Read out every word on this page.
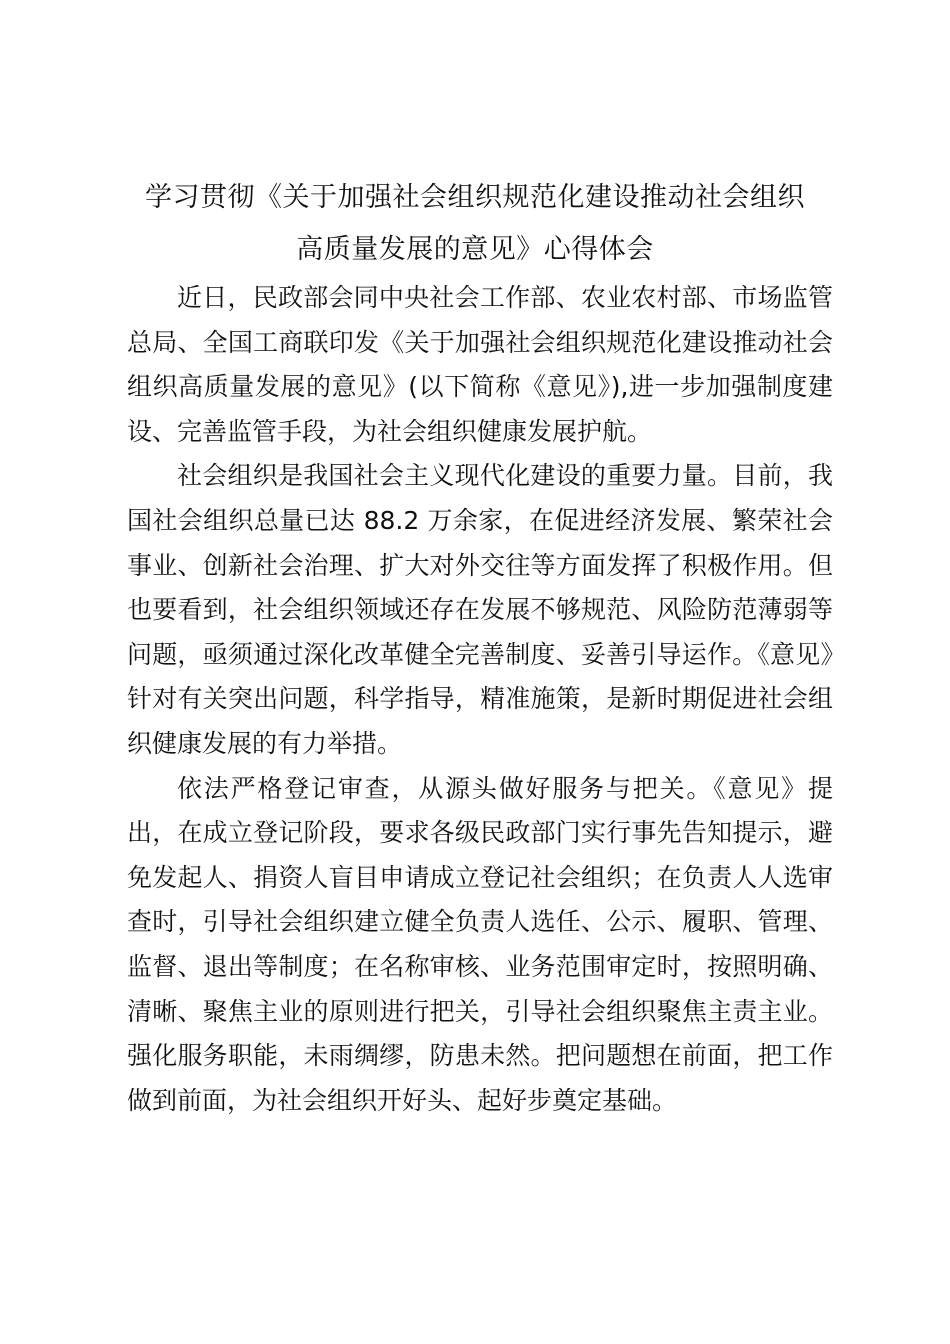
学习贯彻《关于加强社会组织规范化建设推动社会组织
高质量发展的意见》心得体会

近日，民政部会同中央社会工作部、农业农村部、市场监管总局、全国工商联印发《关于加强社会组织规范化建设推动社会组织高质量发展的意见》(以下简称《意见》),进一步加强制度建设、完善监管手段，为社会组织健康发展护航。

社会组织是我国社会主义现代化建设的重要力量。目前，我国社会组织总量已达 88.2 万余家，在促进经济发展、繁荣社会事业、创新社会治理、扩大对外交往等方面发挥了积极作用。但也要看到，社会组织领域还存在发展不够规范、风险防范薄弱等问题，亟须通过深化改革健全完善制度、妥善引导运作。《意见》针对有关突出问题，科学指导，精准施策，是新时期促进社会组织健康发展的有力举措。

依法严格登记审查，从源头做好服务与把关。《意见》提出，在成立登记阶段，要求各级民政部门实行事先告知提示，避免发起人、捐资人盲目申请成立登记社会组织；在负责人人选审查时，引导社会组织建立健全负责人选任、公示、履职、管理、监督、退出等制度；在名称审核、业务范围审定时，按照明确、清晰、聚焦主业的原则进行把关，引导社会组织聚焦主责主业。强化服务职能，未雨绸缪，防患未然。把问题想在前面，把工作做到前面，为社会组织开好头、起好步奠定基础。
